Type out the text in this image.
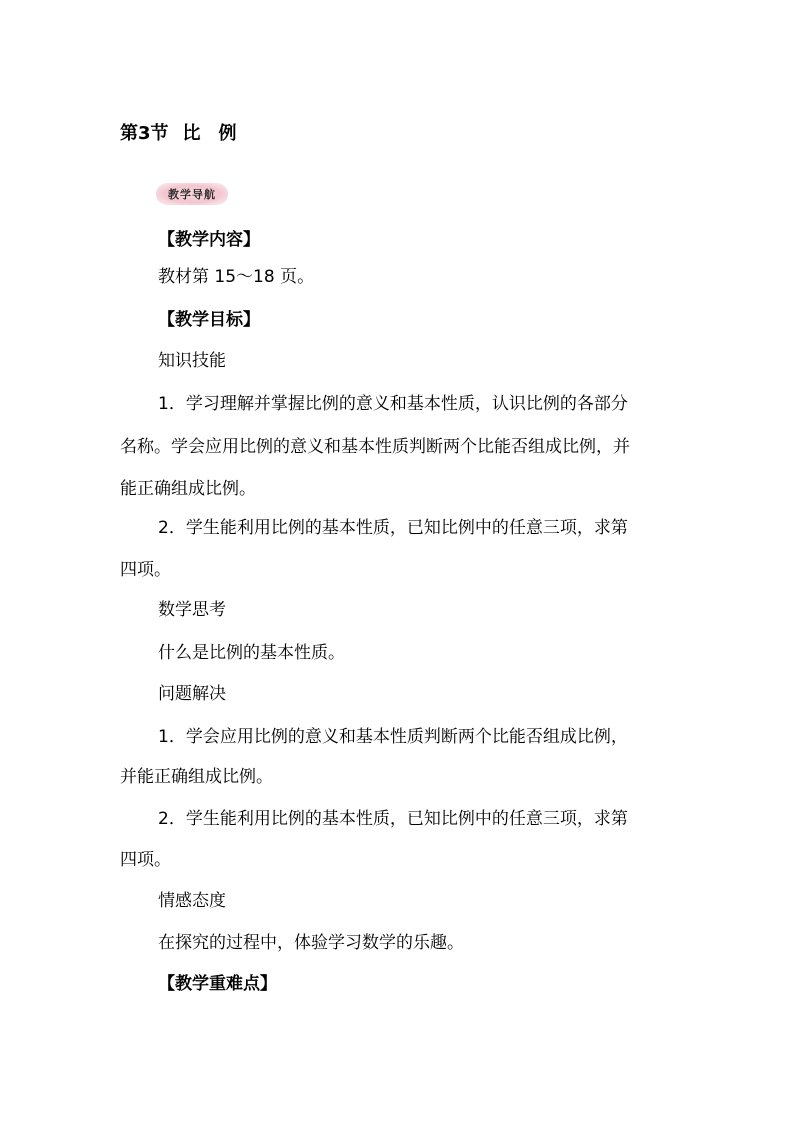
第3节 比 例
教学导航
【教学内容】
教材第 15～18 页。
【教学目标】
知识技能
1．学习理解并掌握比例的意义和基本性质，认识比例的各部分
名称。学会应用比例的意义和基本性质判断两个比能否组成比例，并
能正确组成比例。
2．学生能利用比例的基本性质，已知比例中的任意三项，求第
四项。
数学思考
什么是比例的基本性质。
问题解决
1．学会应用比例的意义和基本性质判断两个比能否组成比例，
并能正确组成比例。
2．学生能利用比例的基本性质，已知比例中的任意三项，求第
四项。
情感态度
在探究的过程中，体验学习数学的乐趣。
【教学重难点】
